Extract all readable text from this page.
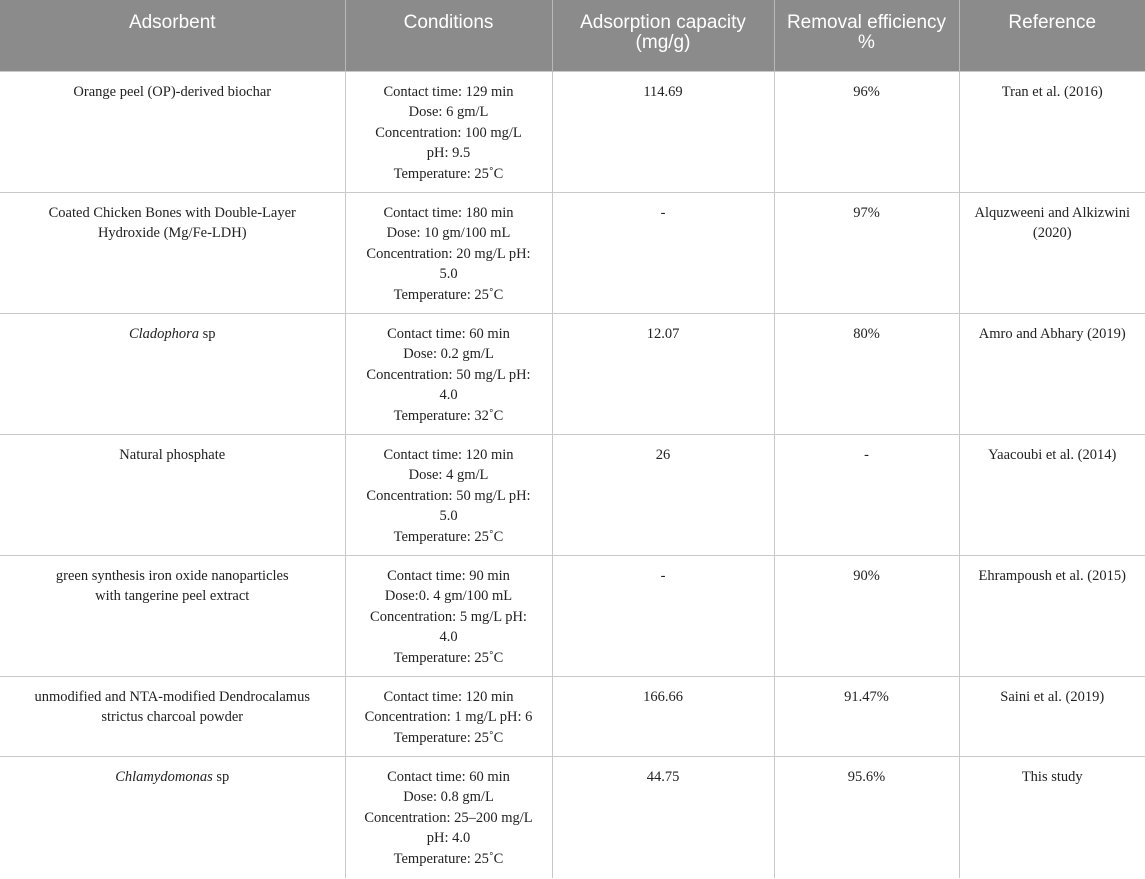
Adsorbent	Conditions	Adsorption capacity (mg/g)	Removal efficiency %	Reference

Orange peel (OP)-derived biochar	Contact time: 129 min
Dose: 6 gm/L
Concentration: 100 mg/L
pH: 9.5
Temperature: 25˚C	114.69	96%	Tran et al. (2016)

Coated Chicken Bones with Double-Layer
Hydroxide (Mg/Fe-LDH)	Contact time: 180 min
Dose: 10 gm/100 mL
Concentration: 20 mg/L pH:
5.0
Temperature: 25˚C	-	97%	Alquzweeni and Alkizwini (2020)

Cladophora sp	Contact time: 60 min
Dose: 0.2 gm/L
Concentration: 50 mg/L pH:
4.0
Temperature: 32˚C	12.07	80%	Amro and Abhary (2019)

Natural phosphate	Contact time: 120 min
Dose: 4 gm/L
Concentration: 50 mg/L pH:
5.0
Temperature: 25˚C	26	-	Yaacoubi et al. (2014)

green synthesis iron oxide nanoparticles
with tangerine peel extract	Contact time: 90 min
Dose:0. 4 gm/100 mL
Concentration: 5 mg/L pH:
4.0
Temperature: 25˚C	-	90%	Ehrampoush et al. (2015)

unmodified and NTA-modified Dendrocalamus
strictus charcoal powder	Contact time: 120 min
Concentration: 1 mg/L pH: 6
Temperature: 25˚C	166.66	91.47%	Saini et al. (2019)

Chlamydomonas sp	Contact time: 60 min
Dose: 0.8 gm/L
Concentration: 25–200 mg/L
pH: 4.0
Temperature: 25˚C	44.75	95.6%	This study
